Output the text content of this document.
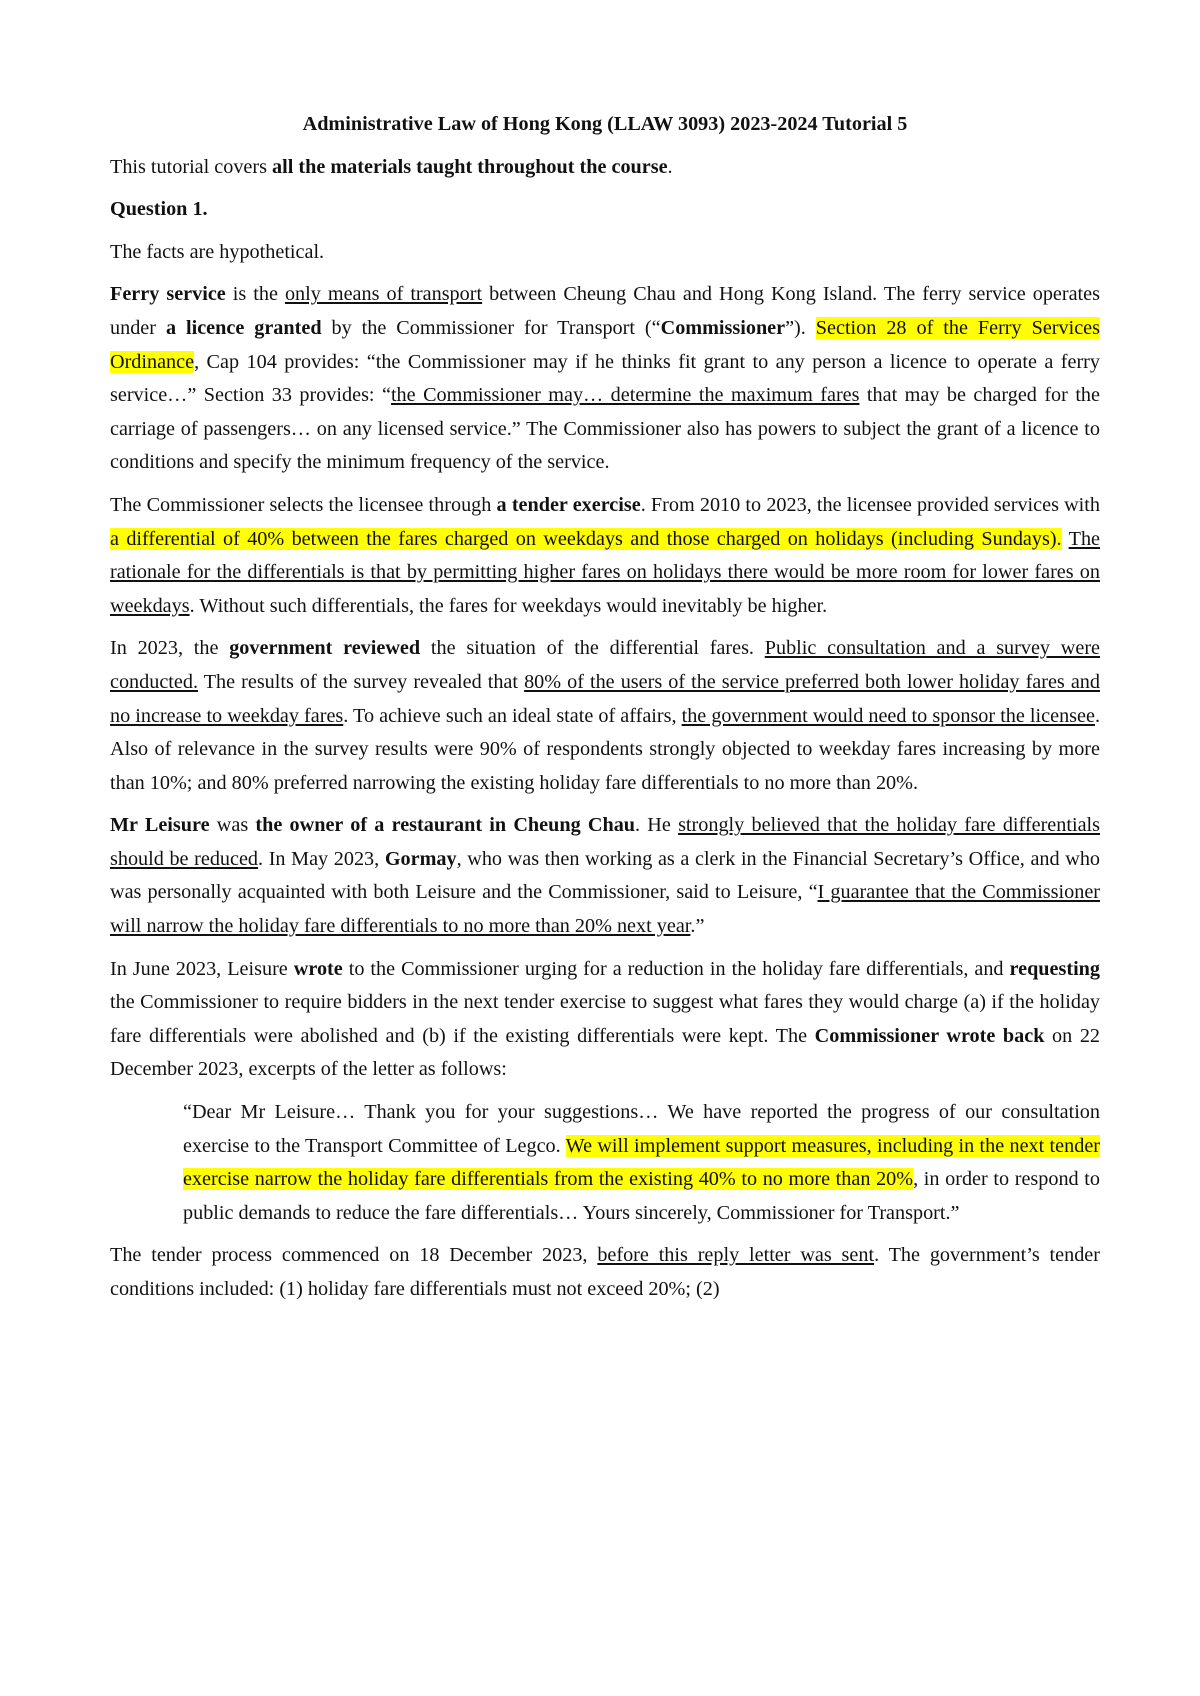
Administrative Law of Hong Kong (LLAW 3093) 2023-2024 Tutorial 5

This tutorial covers all the materials taught throughout the course.

Question 1.

The facts are hypothetical.

Ferry service is the only means of transport between Cheung Chau and Hong Kong Island. The ferry service operates under a licence granted by the Commissioner for Transport (“Commissioner”). Section 28 of the Ferry Services Ordinance, Cap 104 provides: “the Commissioner may if he thinks fit grant to any person a licence to operate a ferry service…” Section 33 provides: “the Commissioner may… determine the maximum fares that may be charged for the carriage of passengers… on any licensed service.” The Commissioner also has powers to subject the grant of a licence to conditions and specify the minimum frequency of the service.

The Commissioner selects the licensee through a tender exercise. From 2010 to 2023, the licensee provided services with a differential of 40% between the fares charged on weekdays and those charged on holidays (including Sundays). The rationale for the differentials is that by permitting higher fares on holidays there would be more room for lower fares on weekdays. Without such differentials, the fares for weekdays would inevitably be higher.

In 2023, the government reviewed the situation of the differential fares. Public consultation and a survey were conducted. The results of the survey revealed that 80% of the users of the service preferred both lower holiday fares and no increase to weekday fares. To achieve such an ideal state of affairs, the government would need to sponsor the licensee. Also of relevance in the survey results were 90% of respondents strongly objected to weekday fares increasing by more than 10%; and 80% preferred narrowing the existing holiday fare differentials to no more than 20%.

Mr Leisure was the owner of a restaurant in Cheung Chau. He strongly believed that the holiday fare differentials should be reduced. In May 2023, Gormay, who was then working as a clerk in the Financial Secretary’s Office, and who was personally acquainted with both Leisure and the Commissioner, said to Leisure, “I guarantee that the Commissioner will narrow the holiday fare differentials to no more than 20% next year.”

In June 2023, Leisure wrote to the Commissioner urging for a reduction in the holiday fare differentials, and requesting the Commissioner to require bidders in the next tender exercise to suggest what fares they would charge (a) if the holiday fare differentials were abolished and (b) if the existing differentials were kept. The Commissioner wrote back on 22 December 2023, excerpts of the letter as follows:

“Dear Mr Leisure… Thank you for your suggestions… We have reported the progress of our consultation exercise to the Transport Committee of Legco. We will implement support measures, including in the next tender exercise narrow the holiday fare differentials from the existing 40% to no more than 20%, in order to respond to public demands to reduce the fare differentials… Yours sincerely, Commissioner for Transport.”

The tender process commenced on 18 December 2023, before this reply letter was sent. The government’s tender conditions included: (1) holiday fare differentials must not exceed 20%; (2)
